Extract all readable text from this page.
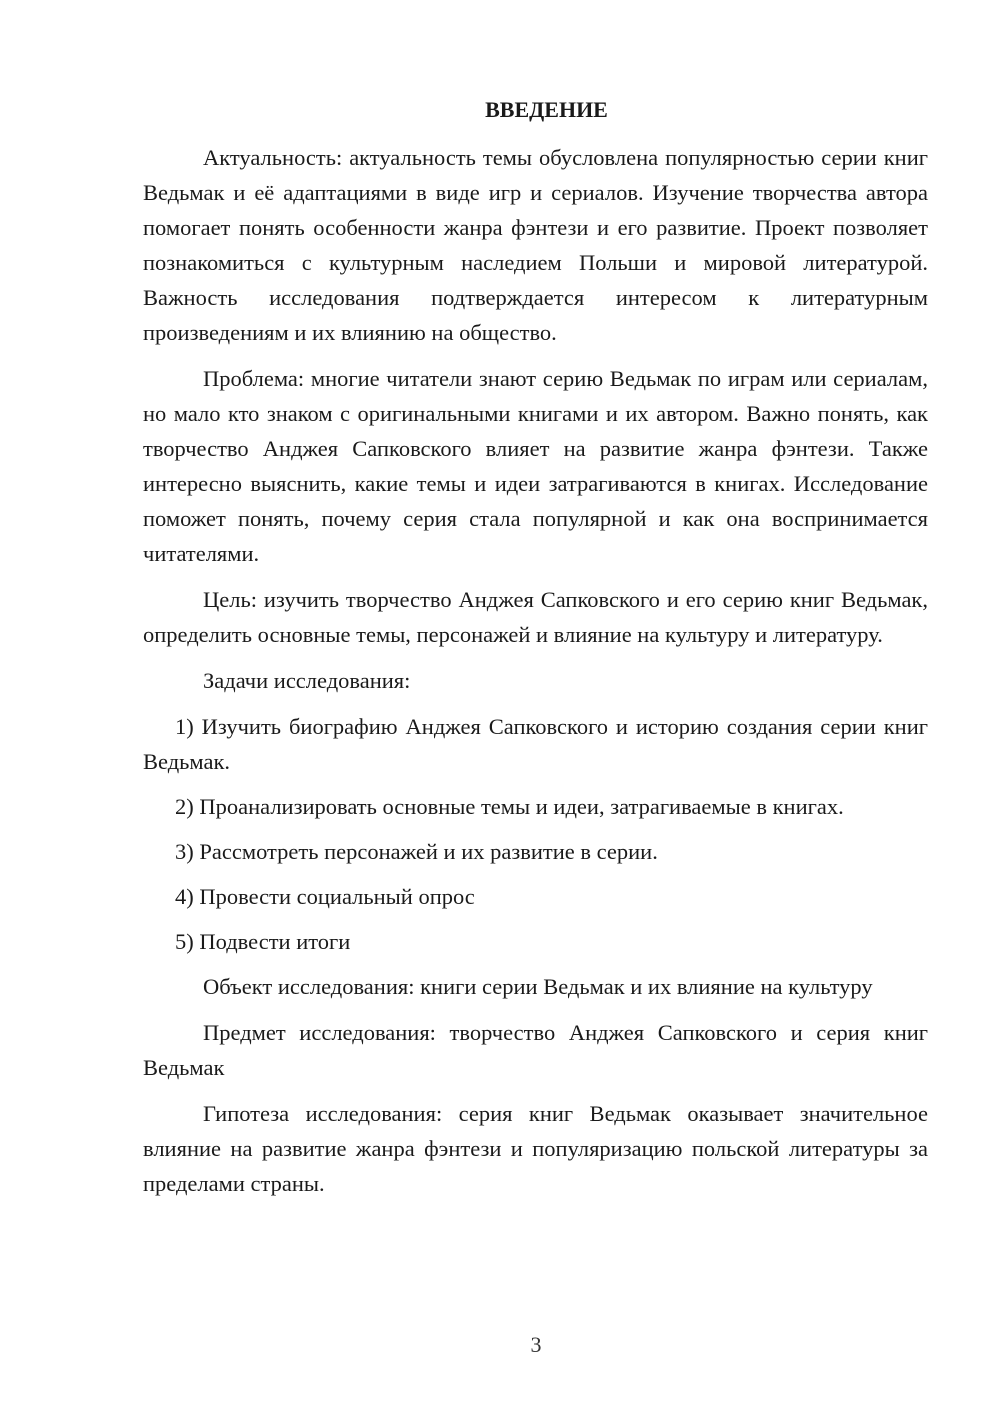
ВВЕДЕНИЕ

Актуальность: актуальность темы обусловлена популярностью серии книг Ведьмак и её адаптациями в виде игр и сериалов. Изучение творчества автора помогает понять особенности жанра фэнтези и его развитие. Проект позволяет познакомиться с культурным наследием Польши и мировой литературой. Важность исследования подтверждается интересом к литературным произведениям и их влиянию на общество.

Проблема: многие читатели знают серию Ведьмак по играм или сериалам, но мало кто знаком с оригинальными книгами и их автором. Важно понять, как творчество Анджея Сапковского влияет на развитие жанра фэнтези. Также интересно выяснить, какие темы и идеи затрагиваются в книгах. Исследование поможет понять, почему серия стала популярной и как она воспринимается читателями.

Цель: изучить творчество Анджея Сапковского и его серию книг Ведьмак, определить основные темы, персонажей и влияние на культуру и литературу.

Задачи исследования:

1) Изучить биографию Анджея Сапковского и историю создания серии книг Ведьмак.

2) Проанализировать основные темы и идеи, затрагиваемые в книгах.

3) Рассмотреть персонажей и их развитие в серии.

4) Провести социальный опрос

5) Подвести итоги

Объект исследования: книги серии Ведьмак и их влияние на культуру

Предмет исследования: творчество Анджея Сапковского и серия книг Ведьмак

Гипотеза исследования: серия книг Ведьмак оказывает значительное влияние на развитие жанра фэнтези и популяризацию польской литературы за пределами страны.

3
